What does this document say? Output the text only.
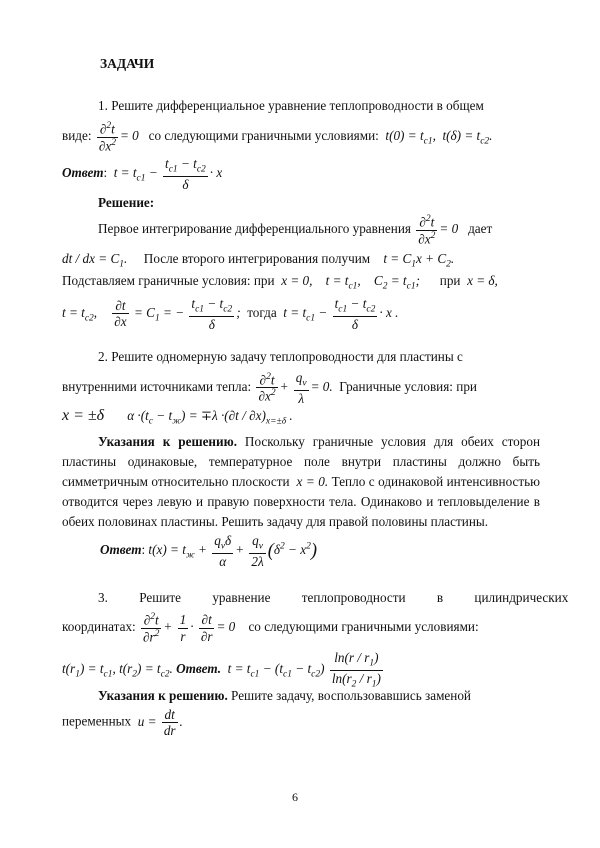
ЗАДАЧИ
1. Решите дифференциальное уравнение теплопроводности в общем
виде: $\frac{\partial^2t}{\partial x^2} = 0$   со следующими граничными условиями:  $t(0) = t_{c1}$,  $t(\delta) = t_{c2}$.
Ответ:  $t = t_{c1} - \frac{t_{c1} - t_{c2}}{\delta} \cdot x$
Решение:
Первое интегрирование дифференциального уравнения $\frac{\partial^2t}{\partial x^2} = 0$   дает
dt / dx = $C_1$. После второго интегрирования получим $t = C_1x + C_2$.
Подставляем граничные условия: при  x = 0,    $t = t_{c1}$,    $C_2 = t_{c1}$;      при  x = δ,
$t = t_{c2}$, $\frac{\partial t}{\partial x} = C_1$ = − $\frac{t_{c1} - t_{c2}}{\delta}$ ;  тогда  $t = t_{c1} - \frac{t_{c1} - t_{c2}}{\delta} \cdot x$ .
2. Решите одномерную задачу теплопроводности для пластины с
внутренними источниками тепла: $\frac{\partial^2t}{\partial x^2} + \frac{q_v}{\lambda} = 0$.  Граничные условия: при
x = ±δ $\alpha \cdot(t_c - t_ж) = \mp\lambda \cdot(\partial t / \partial x)_{x=\pm\delta}$ .
Указания к решению. Поскольку граничные условия для обеих сторон пластины одинаковые, температурное поле внутри пластины должно быть симметричным относительно плоскости  x = 0. Тепло с одинаковой интенсивностью отводится через левую и правую поверхности тела. Одинаково и тепловыделение в обеих половинах пластины. Решить задачу для правой половины пластины.
Ответ: $t(x) = t_ж + \frac{q_v\delta}{\alpha} + \frac{q_v}{2\lambda} (\delta^2 - x^2)$
3. Решите уравнение теплопроводности в цилиндрических
координатах: $\frac{\partial^2t}{\partial r^2} + \frac{1}{r} \cdot \frac{\partial t}{\partial r} = 0$    со следующими граничными условиями:
$t(r_1) = t_{c1}$, $t(r_2) = t_{c2}$. Ответ.  $t = t_{c1} - (t_{c1} - t_{c2}) \frac{\ln(r / r_1)}{\ln(r_2 / r_1)}$
Указания к решению. Решите задачу, воспользовавшись заменой
переменных  $u = \frac{dt}{dr}$ .
6
